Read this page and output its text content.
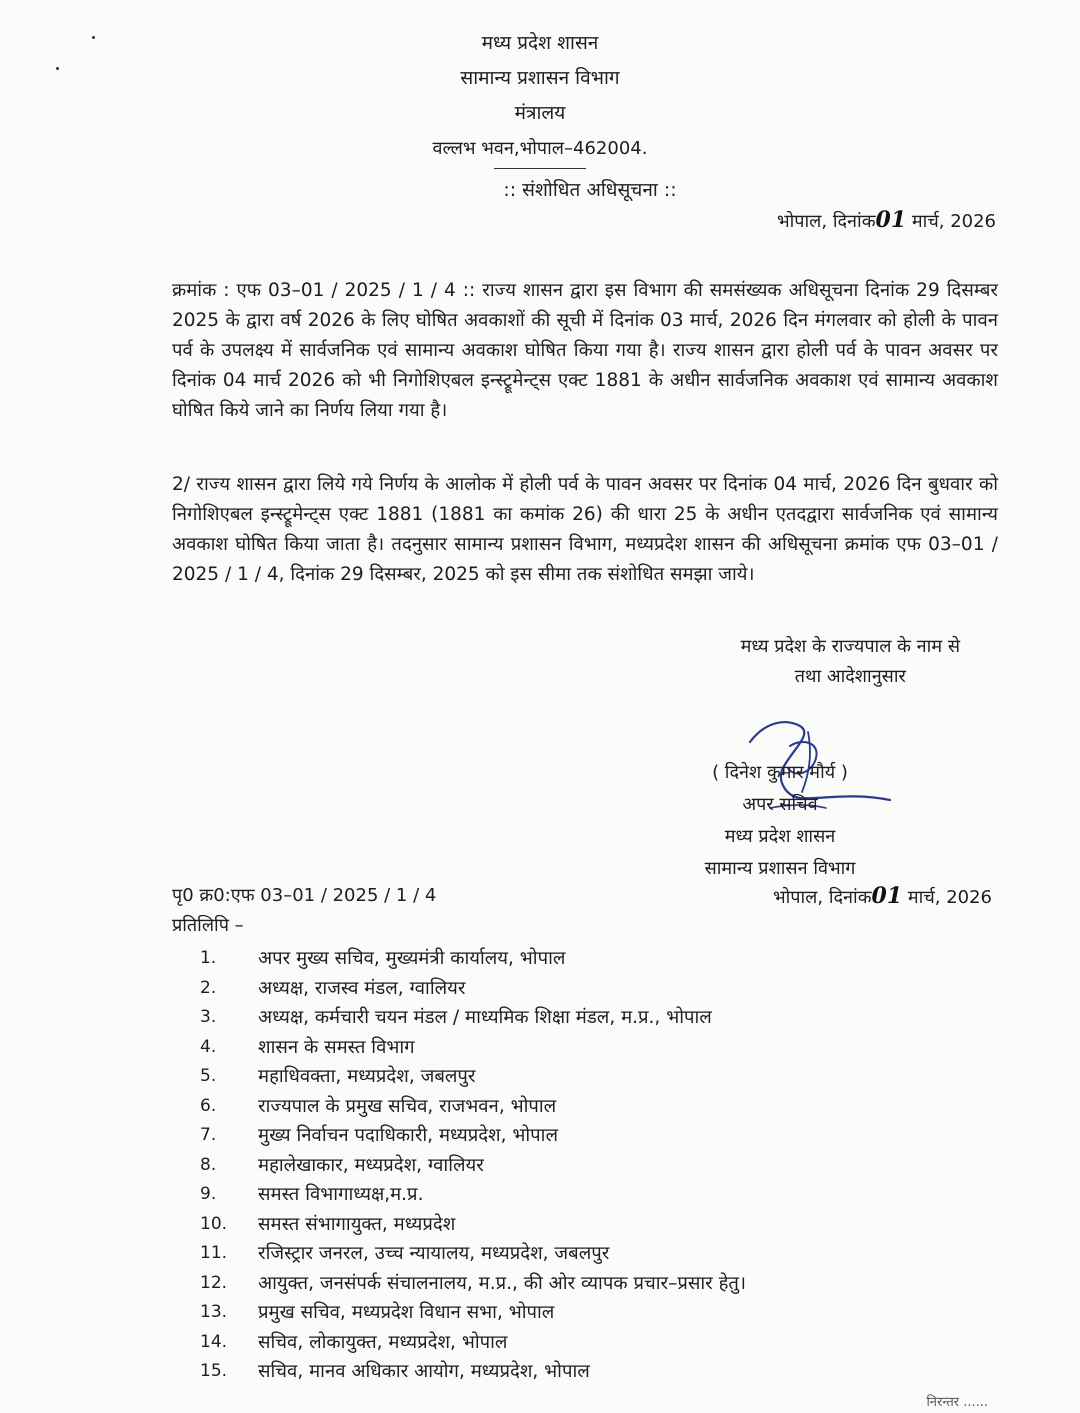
मध्य प्रदेश शासन
सामान्य प्रशासन विभाग
मंत्रालय
वल्लभ भवन,भोपाल–462004.
:: संशोधित अधिसूचना ::
भोपाल, दिनांक01 मार्च, 2026

क्रमांक : एफ 03–01 / 2025 / 1 / 4 :: राज्य शासन द्वारा इस विभाग की समसंख्यक अधिसूचना दिनांक 29 दिसम्बर 2025 के द्वारा वर्ष 2026 के लिए घोषित अवकाशों की सूची में दिनांक 03 मार्च, 2026 दिन मंगलवार को होली के पावन पर्व के उपलक्ष्य में सार्वजनिक एवं सामान्य अवकाश घोषित किया गया है। राज्य शासन द्वारा होली पर्व के पावन अवसर पर दिनांक 04 मार्च 2026 को भी निगोशिएबल इन्स्ट्रूमेन्ट्स एक्ट 1881 के अधीन सार्वजनिक अवकाश एवं सामान्य अवकाश घोषित किये जाने का निर्णय लिया गया है।

2/ राज्य शासन द्वारा लिये गये निर्णय के आलोक में होली पर्व के पावन अवसर पर दिनांक 04 मार्च, 2026 दिन बुधवार को निगोशिएबल इन्स्ट्रूमेन्ट्स एक्ट 1881 (1881 का कमांक 26) की धारा 25 के अधीन एतदद्वारा सार्वजनिक एवं सामान्य अवकाश घोषित किया जाता है। तदनुसार सामान्य प्रशासन विभाग, मध्यप्रदेश शासन की अधिसूचना क्रमांक एफ 03–01 / 2025 / 1 / 4, दिनांक 29 दिसम्बर, 2025 को इस सीमा तक संशोधित समझा जाये।

मध्य प्रदेश के राज्यपाल के नाम से
तथा आदेशानुसार
( दिनेश कुमार मौर्य )
अपर सचिव
मध्य प्रदेश शासन
सामान्य प्रशासन विभाग
पृ0 क्र0:एफ 03–01 / 2025 / 1 / 4	भोपाल, दिनांक01 मार्च, 2026
प्रतिलिपि –
1.	अपर मुख्य सचिव, मुख्यमंत्री कार्यालय, भोपाल
2.	अध्यक्ष, राजस्व मंडल, ग्वालियर
3.	अध्यक्ष, कर्मचारी चयन मंडल / माध्यमिक शिक्षा मंडल, म.प्र., भोपाल
4.	शासन के समस्त विभाग
5.	महाधिवक्ता, मध्यप्रदेश, जबलपुर
6.	राज्यपाल के प्रमुख सचिव, राजभवन, भोपाल
7.	मुख्य निर्वाचन पदाधिकारी, मध्यप्रदेश, भोपाल
8.	महालेखाकार, मध्यप्रदेश, ग्वालियर
9.	समस्त विभागाध्यक्ष,म.प्र.
10.	समस्त संभागायुक्त, मध्यप्रदेश
11.	रजिस्ट्रार जनरल, उच्च न्यायालय, मध्यप्रदेश, जबलपुर
12.	आयुक्त, जनसंपर्क संचालनालय, म.प्र., की ओर व्यापक प्रचार–प्रसार हेतु।
13.	प्रमुख सचिव, मध्यप्रदेश विधान सभा, भोपाल
14.	सचिव, लोकायुक्त, मध्यप्रदेश, भोपाल
15.	सचिव, मानव अधिकार आयोग, मध्यप्रदेश, भोपाल
निरन्तर ......
